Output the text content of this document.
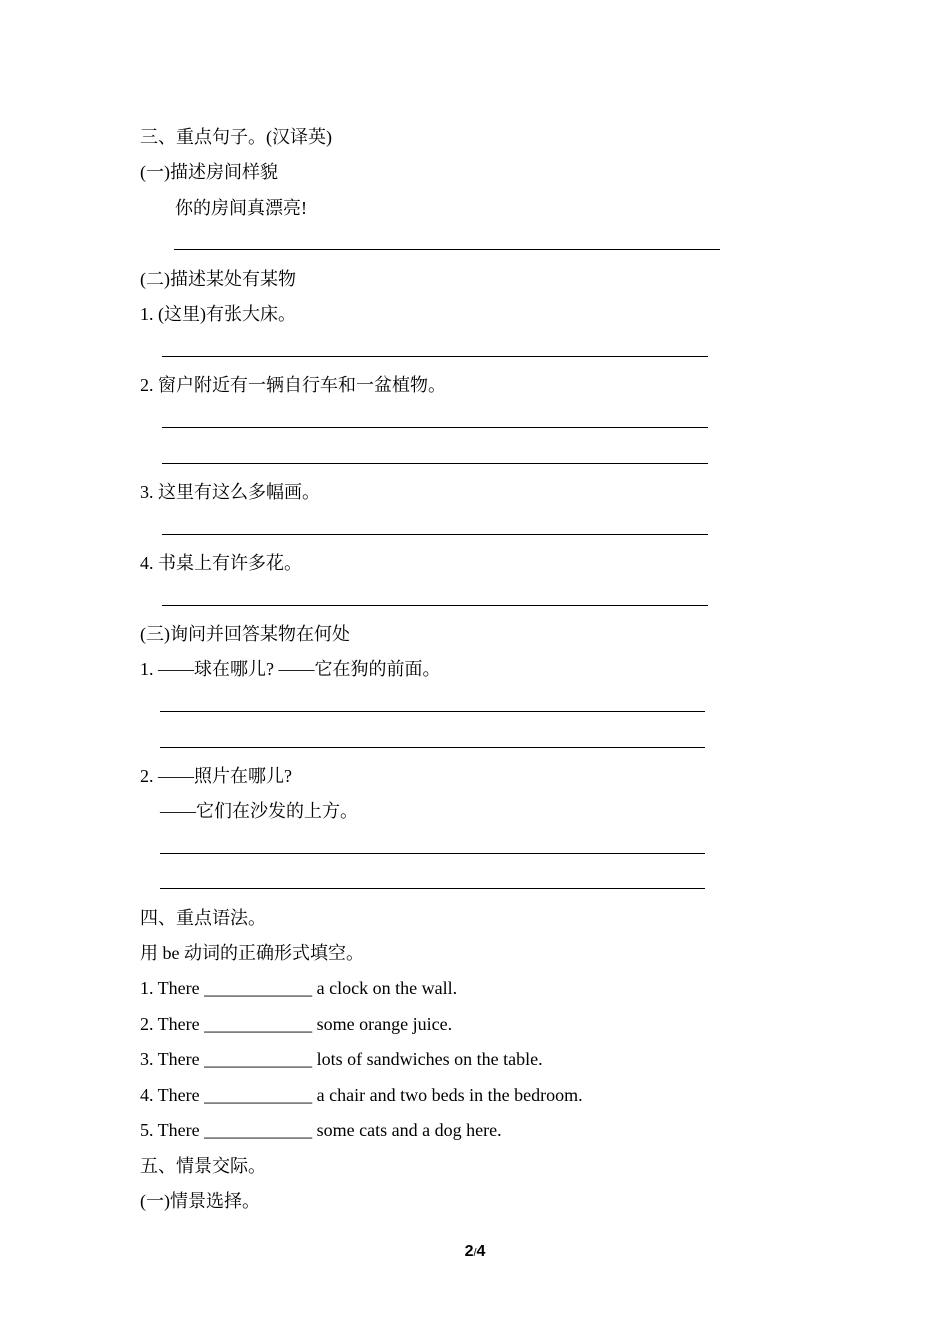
三、重点句子。(汉译英)
(一)描述房间样貌
你的房间真漂亮!
(二)描述某处有某物
1. (这里)有张大床。
2. 窗户附近有一辆自行车和一盆植物。
3. 这里有这么多幅画。
4. 书桌上有许多花。
(三)询问并回答某物在何处
1. ——球在哪儿? ——它在狗的前面。
2. ——照片在哪儿?
——它们在沙发的上方。
四、重点语法。
用 be 动词的正确形式填空。
1. There ____________ a clock on the wall.
2. There ____________ some orange juice.
3. There ____________ lots of sandwiches on the table.
4. There ____________ a chair and two beds in the bedroom.
5. There ____________ some cats and a dog here.
五、情景交际。
(一)情景选择。
2/4
